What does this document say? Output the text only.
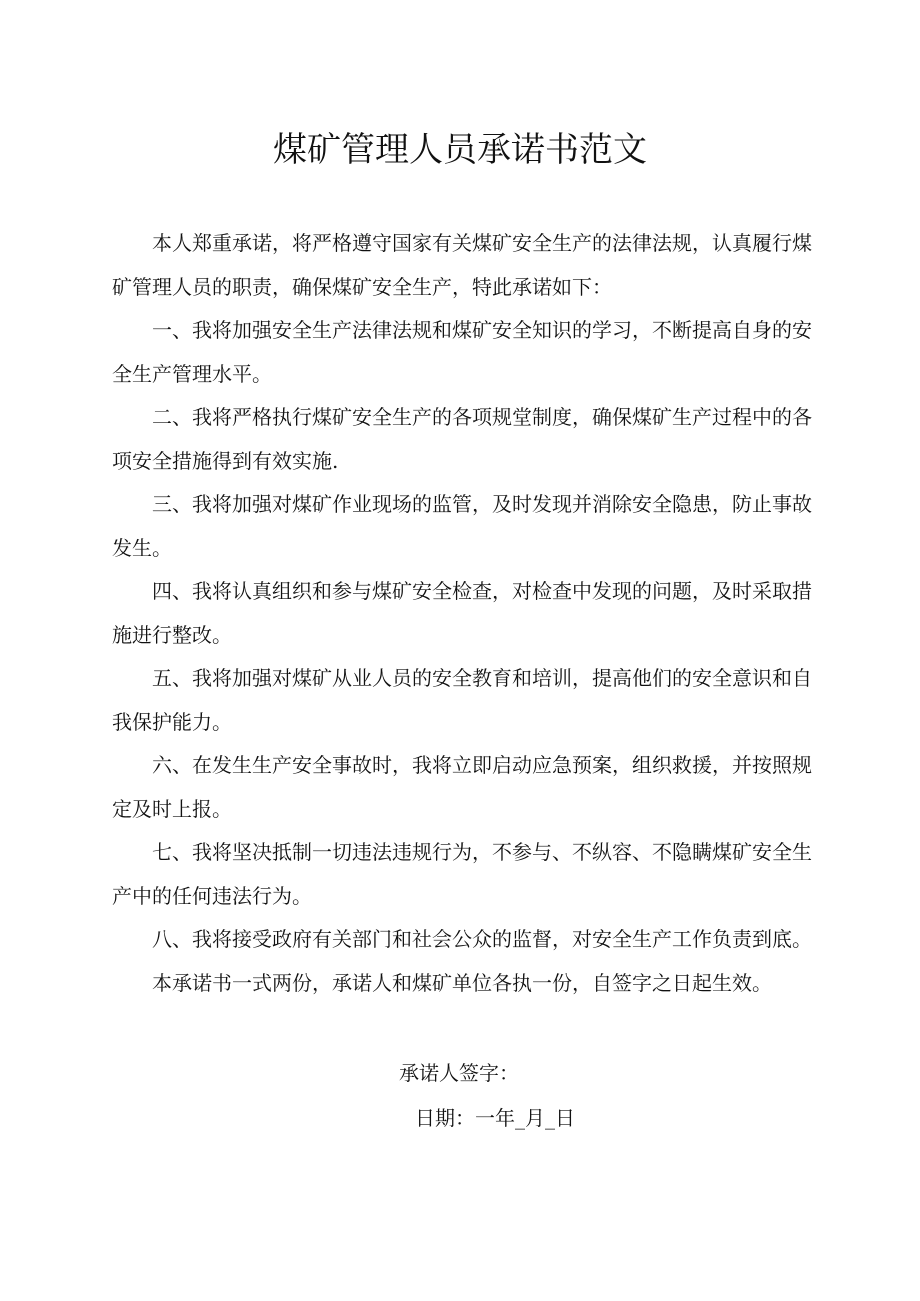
煤矿管理人员承诺书范文

本人郑重承诺，将严格遵守国家有关煤矿安全生产的法律法规，认真履行煤矿管理人员的职责，确保煤矿安全生产，特此承诺如下：

一、我将加强安全生产法律法规和煤矿安全知识的学习，不断提高自身的安全生产管理水平。

二、我将严格执行煤矿安全生产的各项规堂制度，确保煤矿生产过程中的各项安全措施得到有效实施.

三、我将加强对煤矿作业现场的监管，及时发现并消除安全隐患，防止事故发生。

四、我将认真组织和参与煤矿安全检查，对检查中发现的问题，及时采取措施进行整改。

五、我将加强对煤矿从业人员的安全教育和培训，提高他们的安全意识和自我保护能力。

六、在发生生产安全事故时，我将立即启动应急预案，组织救援，并按照规定及时上报。

七、我将坚决抵制一切违法违规行为，不参与、不纵容、不隐瞒煤矿安全生产中的任何违法行为。

八、我将接受政府有关部门和社会公众的监督，对安全生产工作负责到底。

本承诺书一式两份，承诺人和煤矿单位各执一份，自签字之日起生效。

承诺人签字：
日期：一年_月_日
